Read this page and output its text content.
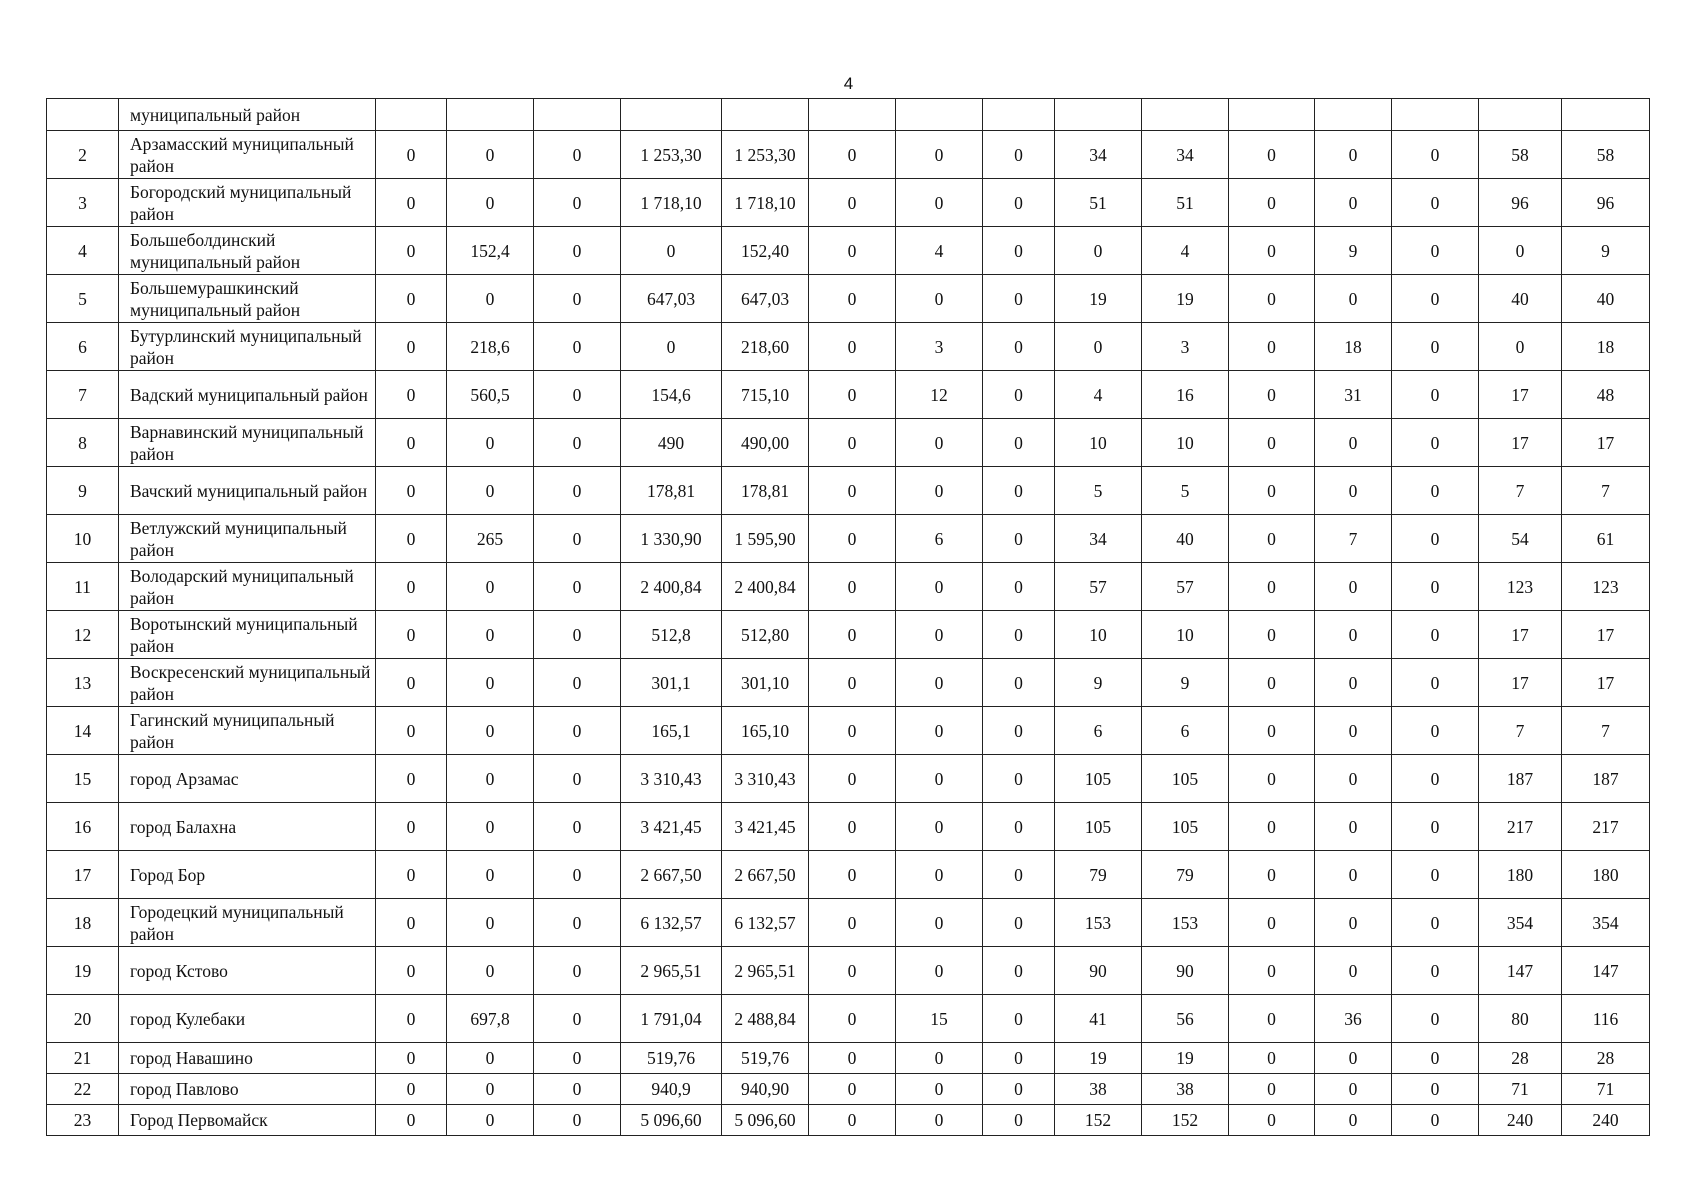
4
	муниципальный район															
2	Арзамасский муниципальный район	0	0	0	1 253,30	1 253,30	0	0	0	34	34	0	0	0	58	58
3	Богородский муниципальный район	0	0	0	1 718,10	1 718,10	0	0	0	51	51	0	0	0	96	96
4	Большеболдинский муниципальный район	0	152,4	0	0	152,40	0	4	0	0	4	0	9	0	0	9
5	Большемурашкинский муниципальный район	0	0	0	647,03	647,03	0	0	0	19	19	0	0	0	40	40
6	Бутурлинский муниципальный район	0	218,6	0	0	218,60	0	3	0	0	3	0	18	0	0	18
7	Вадский муниципальный район	0	560,5	0	154,6	715,10	0	12	0	4	16	0	31	0	17	48
8	Варнавинский муниципальный район	0	0	0	490	490,00	0	0	0	10	10	0	0	0	17	17
9	Вачский муниципальный район	0	0	0	178,81	178,81	0	0	0	5	5	0	0	0	7	7
10	Ветлужский муниципальный район	0	265	0	1 330,90	1 595,90	0	6	0	34	40	0	7	0	54	61
11	Володарский муниципальный район	0	0	0	2 400,84	2 400,84	0	0	0	57	57	0	0	0	123	123
12	Воротынский муниципальный район	0	0	0	512,8	512,80	0	0	0	10	10	0	0	0	17	17
13	Воскресенский муниципальный район	0	0	0	301,1	301,10	0	0	0	9	9	0	0	0	17	17
14	Гагинский муниципальный район	0	0	0	165,1	165,10	0	0	0	6	6	0	0	0	7	7
15	город Арзамас	0	0	0	3 310,43	3 310,43	0	0	0	105	105	0	0	0	187	187
16	город Балахна	0	0	0	3 421,45	3 421,45	0	0	0	105	105	0	0	0	217	217
17	Город Бор	0	0	0	2 667,50	2 667,50	0	0	0	79	79	0	0	0	180	180
18	Городецкий муниципальный район	0	0	0	6 132,57	6 132,57	0	0	0	153	153	0	0	0	354	354
19	город Кстово	0	0	0	2 965,51	2 965,51	0	0	0	90	90	0	0	0	147	147
20	город Кулебаки	0	697,8	0	1 791,04	2 488,84	0	15	0	41	56	0	36	0	80	116
21	город Навашино	0	0	0	519,76	519,76	0	0	0	19	19	0	0	0	28	28
22	город Павлово	0	0	0	940,9	940,90	0	0	0	38	38	0	0	0	71	71
23	Город Первомайск	0	0	0	5 096,60	5 096,60	0	0	0	152	152	0	0	0	240	240
